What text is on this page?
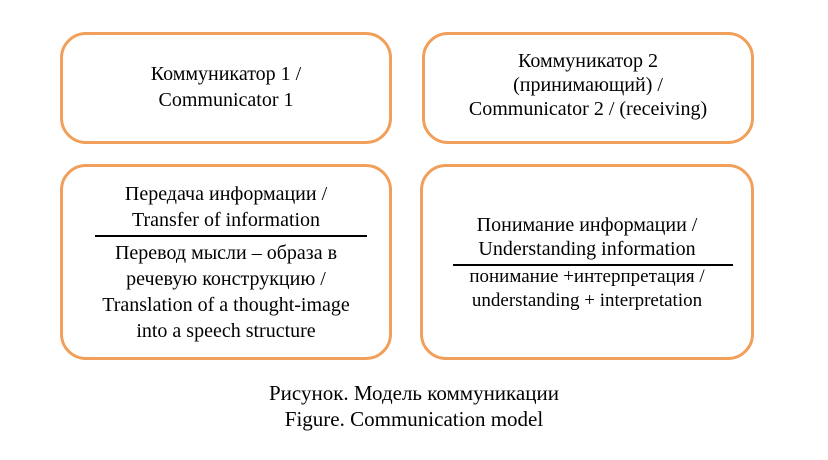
Коммуникатор 1 /
Communicator 1
Коммуникатор 2
(принимающий) /
Communicator 2 / (receiving)
Передача информации /
Transfer of information
Перевод мысли – образа в
речевую конструкцию /
Translation of a thought-image
into a speech structure
Понимание информации /
Understanding information
понимание +интерпретация /
understanding + interpretation
Рисунок. Модель коммуникации
Figure. Communication model
